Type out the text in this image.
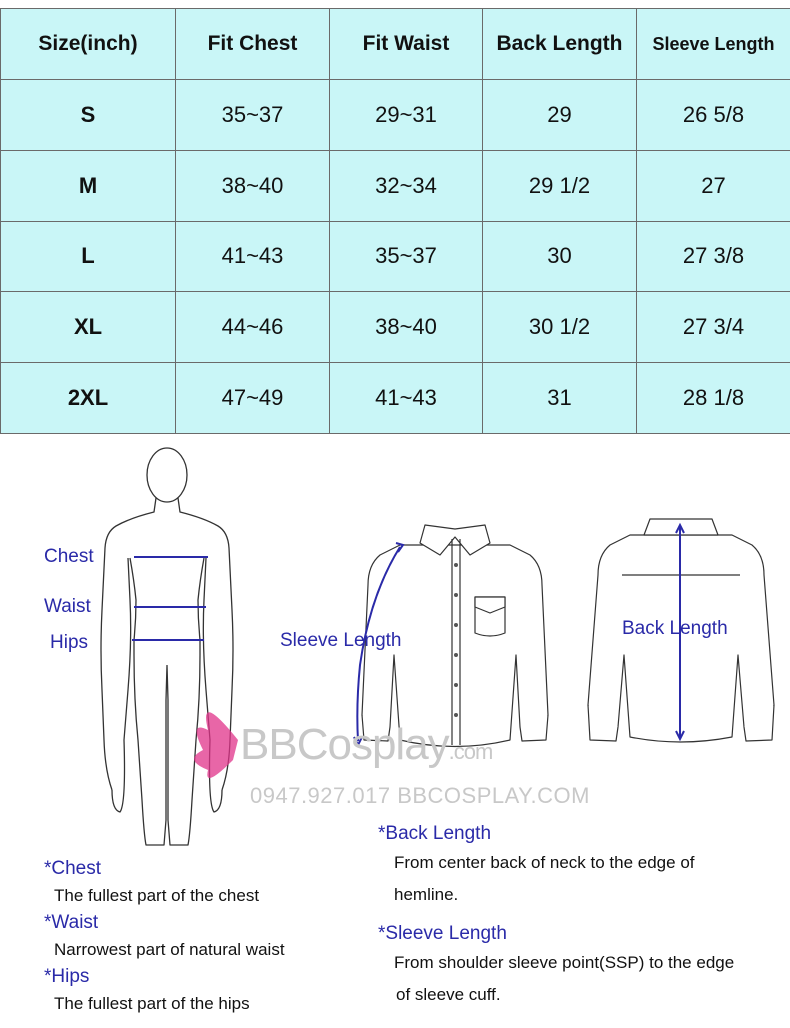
Size(inch)	Fit Chest	Fit Waist	Back Length	Sleeve Length
S	35~37	29~31	29	26 5/8
M	38~40	32~34	29 1/2	27
L	41~43	35~37	30	27 3/8
XL	44~46	38~40	30 1/2	27 3/4
2XL	47~49	41~43	31	28 1/8
Chest
Waist
Hips	Sleeve Length
Back Length
BBCosplay.com
0947.927.017 BBCOSPLAY.COM
*Chest
The fullest part of the chest
*Waist
Narrowest part of natural waist
*Hips
The fullest part of the hips
*Back Length
From center back of neck to the edge of
hemline.
*Sleeve Length
From shoulder sleeve point(SSP) to the edge
of sleeve cuff.
